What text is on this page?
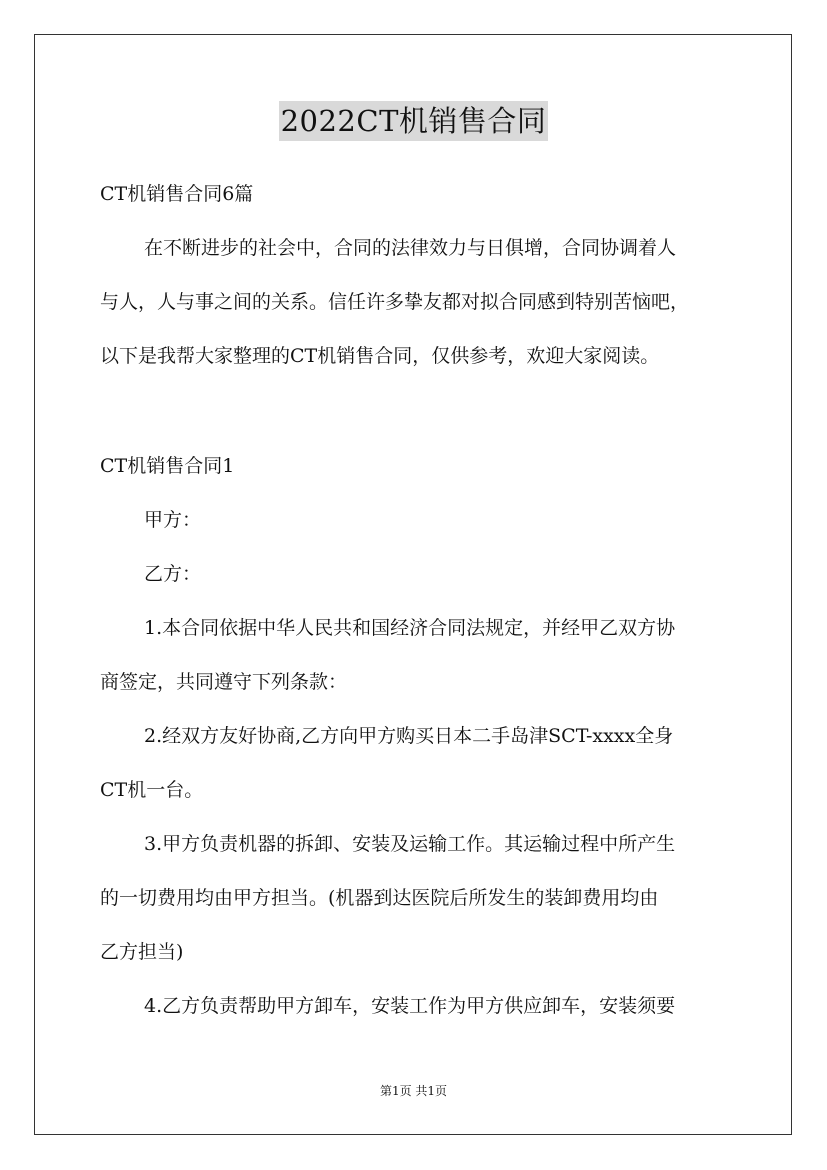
2022CT机销售合同
CT机销售合同6篇
在不断进步的社会中，合同的法律效力与日俱增，合同协调着人
与人，人与事之间的关系。信任许多挚友都对拟合同感到特别苦恼吧，
以下是我帮大家整理的CT机销售合同，仅供参考，欢迎大家阅读。
CT机销售合同1
甲方：
乙方：
1.本合同依据中华人民共和国经济合同法规定，并经甲乙双方协
商签定，共同遵守下列条款：
2.经双方友好协商,乙方向甲方购买日本二手岛津SCT-xxxx全身
CT机一台。
3.甲方负责机器的拆卸、安装及运输工作。其运输过程中所产生
的一切费用均由甲方担当。(机器到达医院后所发生的装卸费用均由
乙方担当)
4.乙方负责帮助甲方卸车，安装工作为甲方供应卸车，安装须要
第1页 共1页
